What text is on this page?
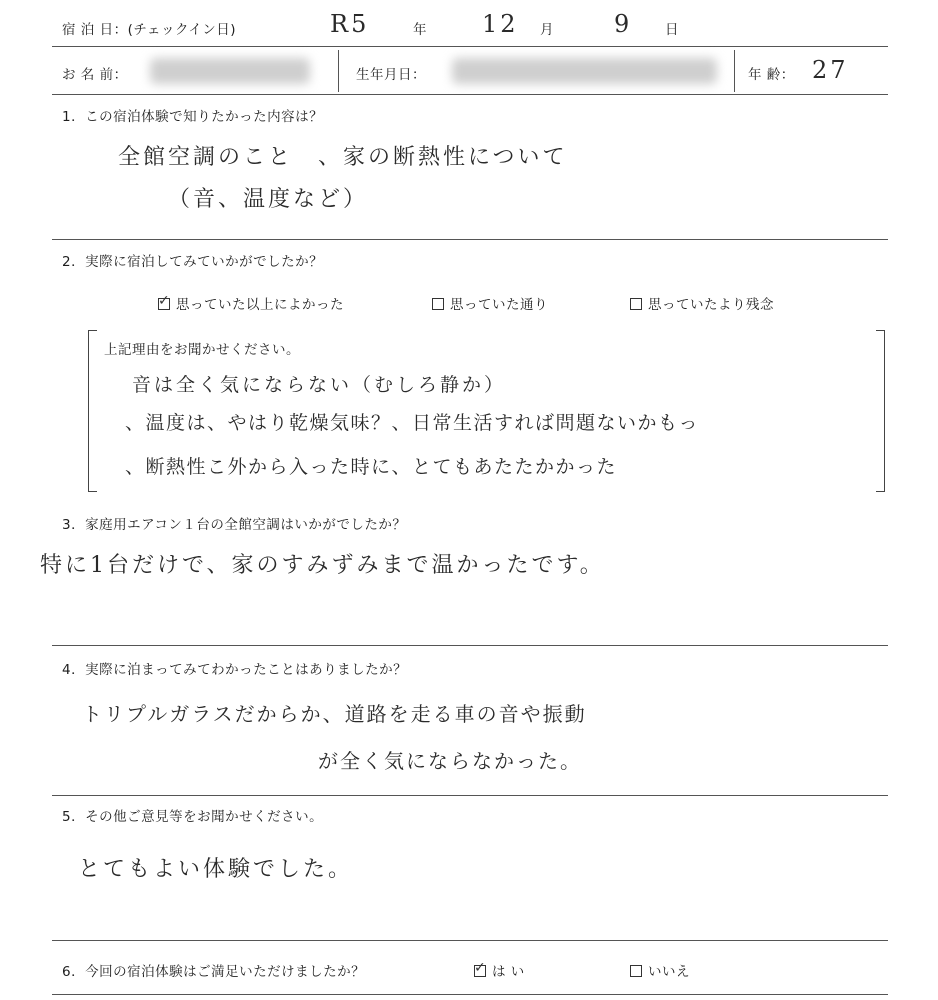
宿 泊 日：(チェックイン日)	R5	年 12 月	9 日
お 名 前：	生年月日：	年 齢： 27
1．この宿泊体験で知りたかった内容は？
全館空調のこと　、家の断熱性について
（音、温度など）
2．実際に宿泊してみていかがでしたか？
✓ 思っていた以上によかった	思っていた通り	思っていたより残念
上記理由をお聞かせください。
音は全く気にならない（むしろ静か）
、温度は、やはり乾燥気味？、日常生活すれば問題ないかもっ
、断熱性こ外から入った時に、とてもあたたかかった
3．家庭用エアコン１台の全館空調はいかがでしたか？
特に1台だけで、家のすみずみまで温かったです。
4．実際に泊まってみてわかったことはありましたか？
トリプルガラスだからか、道路を走る車の音や振動
が全く気にならなかった。
5．その他ご意見等をお聞かせください。
とてもよい体験でした。
6．今回の宿泊体験はご満足いただけましたか？	✓ は い	いいえ
